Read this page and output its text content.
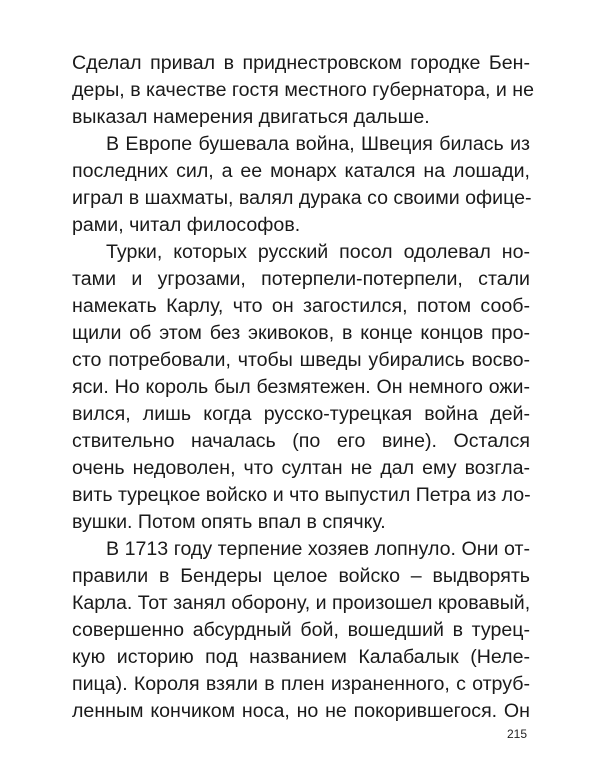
Сделал привал в приднестровском городке Бен-
деры, в качестве гостя местного губернатора, и не
выказал намерения двигаться дальше.
В Европе бушевала война, Швеция билась из
последних сил, а ее монарх катался на лошади,
играл в шахматы, валял дурака со своими офице-
рами, читал философов.
Турки, которых русский посол одолевал но-
тами и угрозами, потерпели-потерпели, стали
намекать Карлу, что он загостился, потом сооб-
щили об этом без экивоков, в конце концов про-
сто потребовали, чтобы шведы убирались восво-
яси. Но король был безмятежен. Он немного ожи-
вился, лишь когда русско-турецкая война дей-
ствительно началась (по его вине). Остался
очень недоволен, что султан не дал ему возгла-
вить турецкое войско и что выпустил Петра из ло-
вушки. Потом опять впал в спячку.
В 1713 году терпение хозяев лопнуло. Они от-
правили в Бендеры целое войско – выдворять
Карла. Тот занял оборону, и произошел кровавый,
совершенно абсурдный бой, вошедший в турец-
кую историю под названием Калабалык (Неле-
пица). Короля взяли в плен израненного, с отруб-
ленным кончиком носа, но не покорившегося. Он
215
